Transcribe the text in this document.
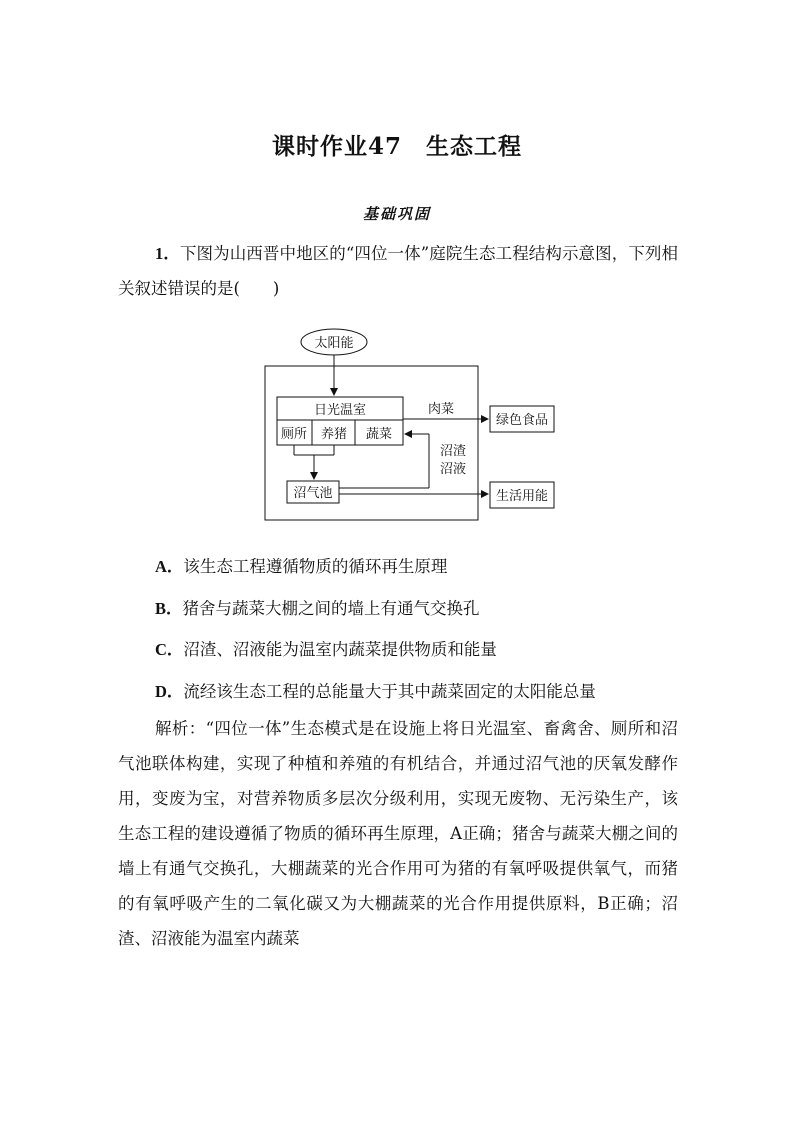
课时作业47　生态工程
基础巩固

1．下图为山西晋中地区的“四位一体”庭院生态工程结构示意图，下列相关叙述错误的是(　　)

太阳能
日光温室
厕所 养猪 蔬菜
肉菜
绿色食品
沼气池
沼渣
沼液
生活用能

A．该生态工程遵循物质的循环再生原理

B．猪舍与蔬菜大棚之间的墙上有通气交换孔

C．沼渣、沼液能为温室内蔬菜提供物质和能量

D．流经该生态工程的总能量大于其中蔬菜固定的太阳能总量

解析：“四位一体”生态模式是在设施上将日光温室、畜禽舍、厕所和沼气池联体构建，实现了种植和养殖的有机结合，并通过沼气池的厌氧发酵作用，变废为宝，对营养物质多层次分级利用，实现无废物、无污染生产，该生态工程的建设遵循了物质的循环再生原理，A正确；猪舍与蔬菜大棚之间的墙上有通气交换孔，大棚蔬菜的光合作用可为猪的有氧呼吸提供氧气，而猪的有氧呼吸产生的二氧化碳又为大棚蔬菜的光合作用提供原料，B正确；沼渣、沼液能为温室内蔬菜
